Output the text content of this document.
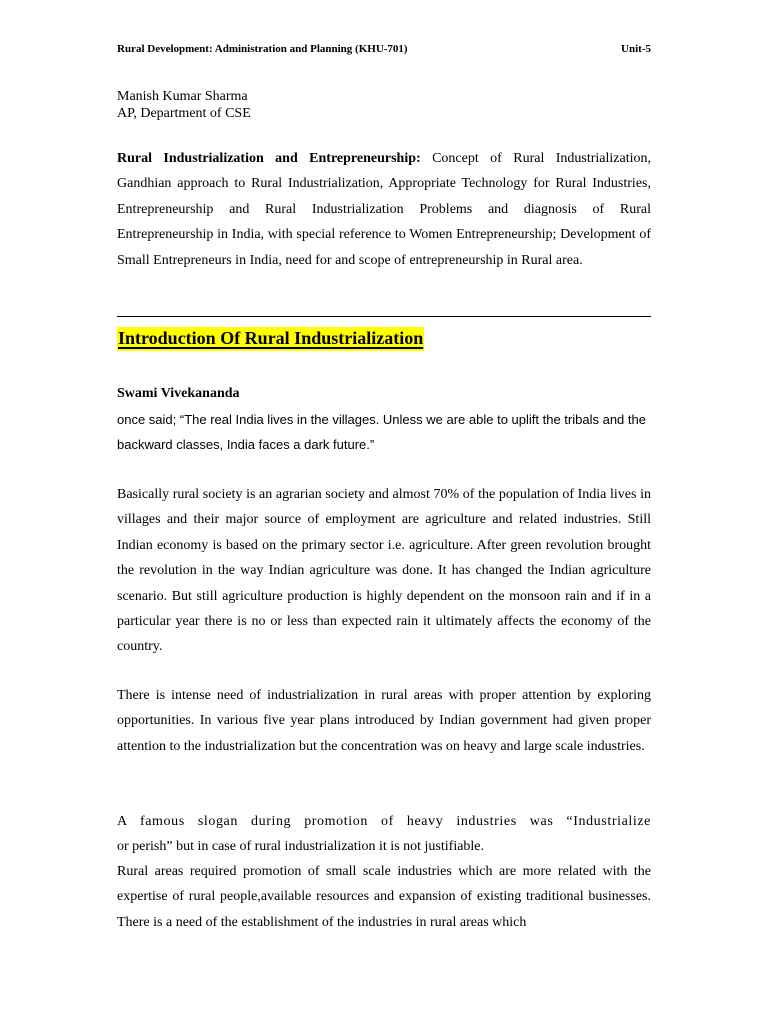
Rural Development: Administration and Planning (KHU-701)	Unit-5
Manish Kumar Sharma
AP, Department of CSE
Rural Industrialization and Entrepreneurship: Concept of Rural Industrialization, Gandhian approach to Rural Industrialization, Appropriate Technology for Rural Industries, Entrepreneurship and Rural Industrialization Problems and diagnosis of Rural Entrepreneurship in India, with special reference to Women Entrepreneurship; Development of Small Entrepreneurs in India, need for and scope of entrepreneurship in Rural area.
Introduction Of Rural Industrialization
Swami Vivekananda
once said; “The real India lives in the villages. Unless we are able to uplift the tribals and the backward classes, India faces a dark future.”

Basically rural society is an agrarian society and almost 70% of the population of India lives in villages and their major source of employment are agriculture and related industries. Still Indian economy is based on the primary sector i.e. agriculture. After green revolution brought the revolution in the way Indian agriculture was done. It has changed the Indian agriculture scenario. But still agriculture production is highly dependent on the monsoon rain and if in a particular year there is no or less than expected rain it ultimately affects the economy of the country.

There is intense need of industrialization in rural areas with proper attention by exploring opportunities. In various five year plans introduced by Indian government had given proper attention to the industrialization but the concentration was on heavy and large scale industries.

A famous slogan during promotion of heavy industries was “Industrialize
or perish” but in case of rural industrialization it is not justifiable.

Rural areas required promotion of small scale industries which are more related with the expertise of rural people,available resources and expansion of existing traditional businesses. There is a need of the establishment of the industries in rural areas which
